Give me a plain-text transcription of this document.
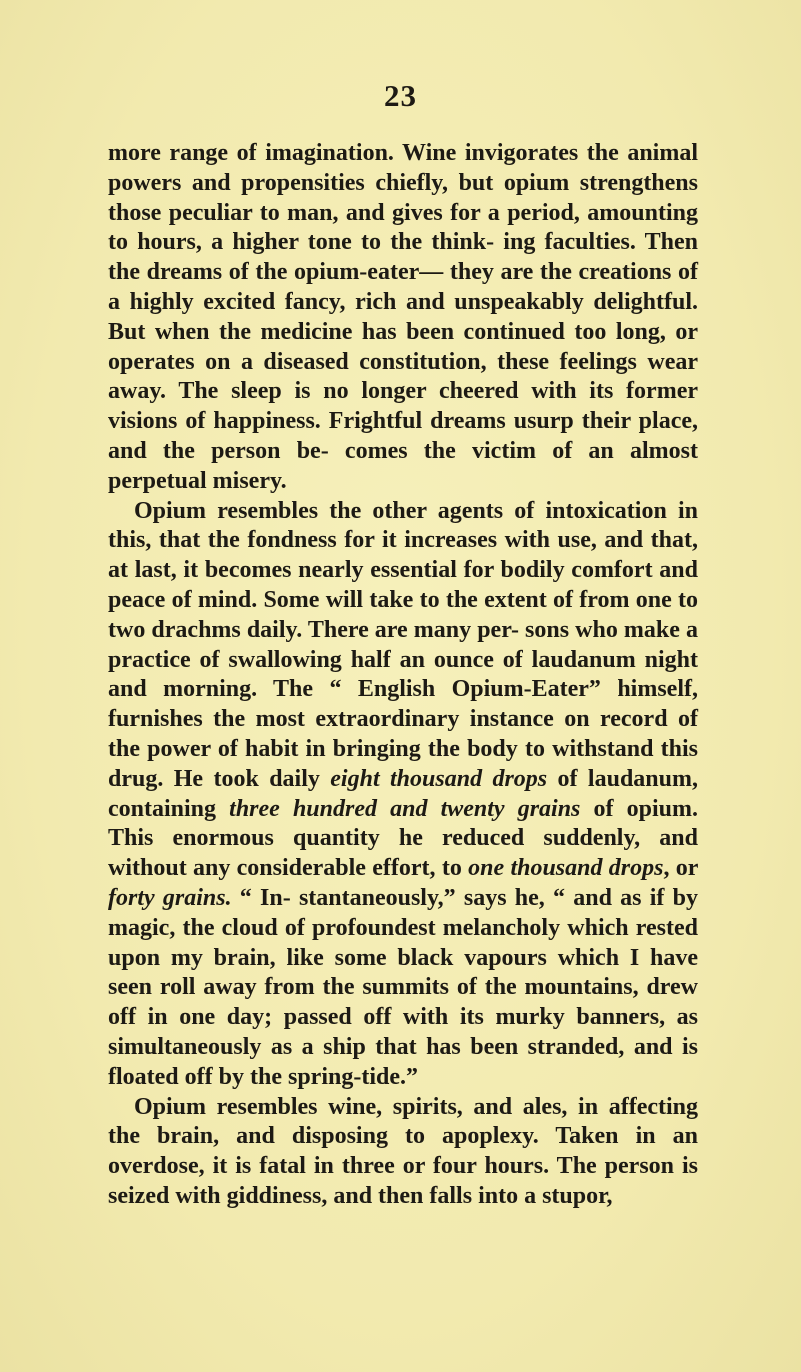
23

more range of imagination. Wine invigorates the animal powers and propensities chiefly, but opium strengthens those peculiar to man, and gives for a period, amounting to hours, a higher tone to the think- ing faculties. Then the dreams of the opium-eater— they are the creations of a highly excited fancy, rich and unspeakably delightful. But when the medicine has been continued too long, or operates on a diseased constitution, these feelings wear away. The sleep is no longer cheered with its former visions of happiness. Frightful dreams usurp their place, and the person be- comes the victim of an almost perpetual misery.

Opium resembles the other agents of intoxication in this, that the fondness for it increases with use, and that, at last, it becomes nearly essential for bodily comfort and peace of mind. Some will take to the extent of from one to two drachms daily. There are many per- sons who make a practice of swallowing half an ounce of laudanum night and morning. The “ English Opium-Eater” himself, furnishes the most extraordinary instance on record of the power of habit in bringing the body to withstand this drug. He took daily eight thousand drops of laudanum, containing three hundred and twenty grains of opium. This enormous quantity he reduced suddenly, and without any considerable effort, to one thousand drops, or forty grains. “ In- stantaneously,” says he, “ and as if by magic, the cloud of profoundest melancholy which rested upon my brain, like some black vapours which I have seen roll away from the summits of the mountains, drew off in one day; passed off with its murky banners, as simultaneously as a ship that has been stranded, and is floated off by the spring-tide.”

Opium resembles wine, spirits, and ales, in affecting the brain, and disposing to apoplexy. Taken in an overdose, it is fatal in three or four hours. The person is seized with giddiness, and then falls into a stupor,
